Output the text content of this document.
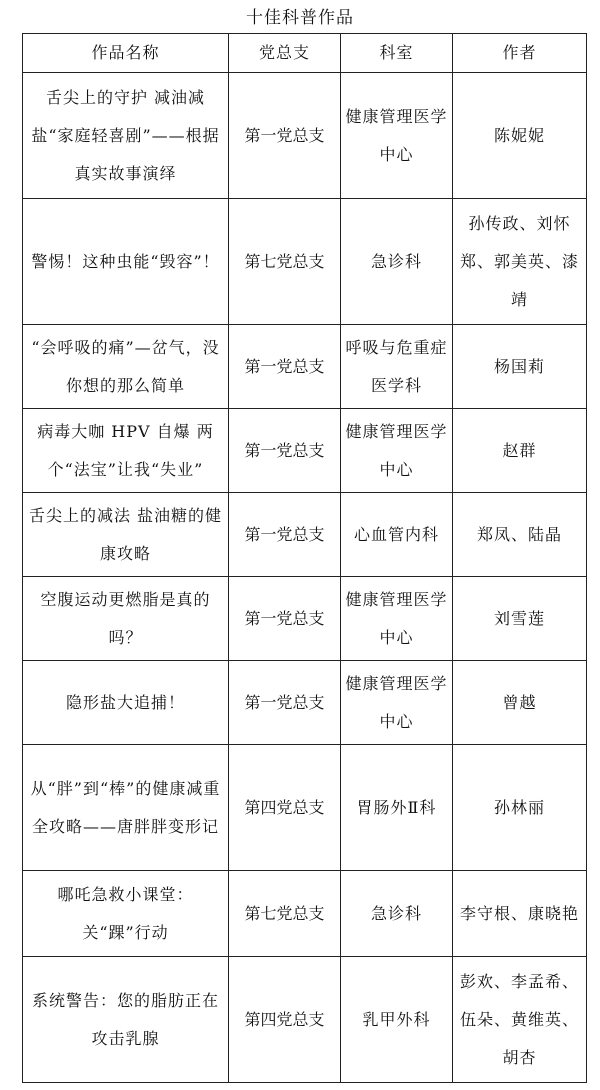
十佳科普作品
作品名称	党总支	科室	作者
舌尖上的守护 减油减盐“家庭轻喜剧”——根据真实故事演绎	第一党总支	健康管理医学中心	陈妮妮
警惕！这种虫能“毁容”！	第七党总支	急诊科	孙传政、刘怀郑、郭美英、漆靖
“会呼吸的痛”—岔气，没你想的那么简单	第一党总支	呼吸与危重症医学科	杨国莉
病毒大咖 HPV 自爆 两个“法宝”让我“失业”	第一党总支	健康管理医学中心	赵群
舌尖上的减法 盐油糖的健康攻略	第一党总支	心血管内科	郑凤、陆晶
空腹运动更燃脂是真的吗？	第一党总支	健康管理医学中心	刘雪莲
隐形盐大追捕！	第一党总支	健康管理医学中心	曾越
从“胖”到“棒”的健康减重全攻略——唐胖胖变形记	第四党总支	胃肠外Ⅱ科	孙林丽
哪吒急救小课堂：关“踝”行动	第七党总支	急诊科	李守根、康晓艳
系统警告：您的脂肪正在攻击乳腺	第四党总支	乳甲外科	彭欢、李孟希、伍朵、黄维英、胡杏
